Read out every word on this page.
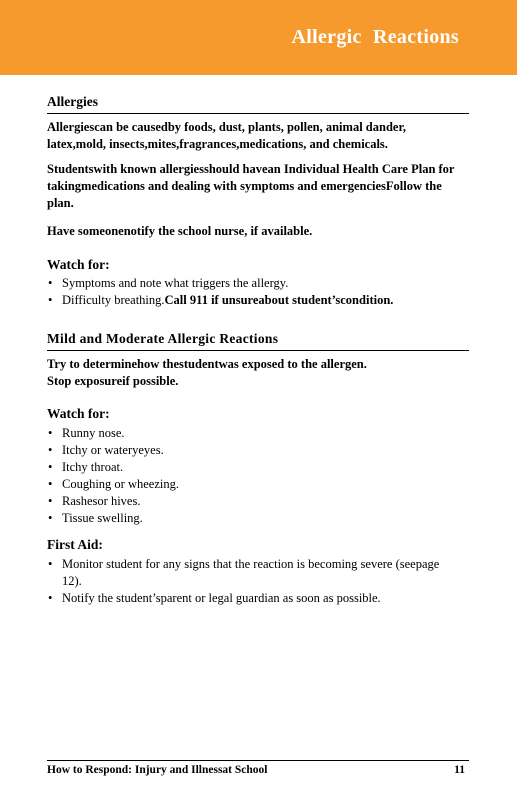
Allergic Reactions
Allergies
Allergiescan be causedby foods, dust, plants, pollen, animal dander, latex,mold, insects,mites,fragrances,medications, and chemicals.
Studentswith known allergiesshould havean Individual Health Care Plan for takingmedications and dealing with symptoms and emergenciesFollow the plan.
Have someonenotify the school nurse, if available.
Watch for:
• Symptoms and note what triggers the allergy.
• Difficulty breathing.Call 911 if unsureabout student’scondition.
Mild and Moderate Allergic Reactions
Try to determinehow thestudentwas exposed to the allergen.
Stop exposureif possible.
Watch for:
• Runny nose.
• Itchy or wateryeyes.
• Itchy throat.
• Coughing or wheezing.
• Rashesor hives.
• Tissue swelling.
First Aid:
• Monitor student for any signs that the reaction is becoming severe (seepage 12).
• Notify the student’sparent or legal guardian as soon as possible.
How to Respond: Injury and Illnessat School	11
